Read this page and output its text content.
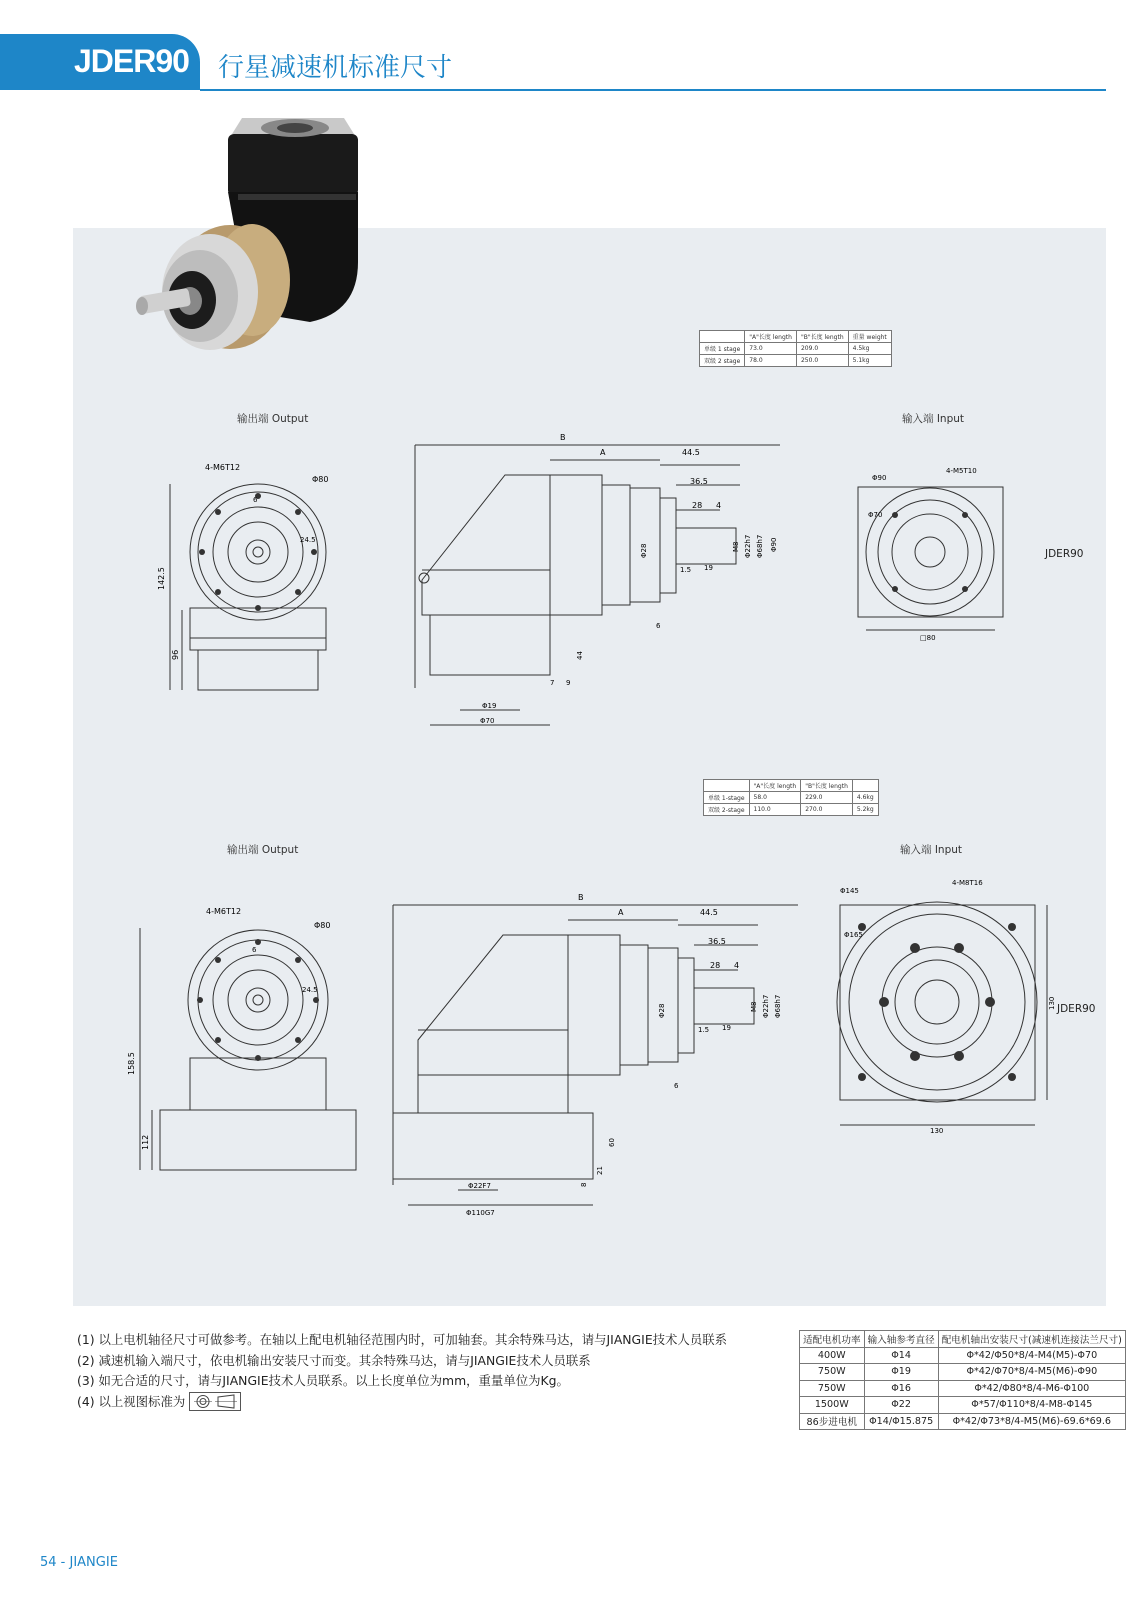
JDER90 行星减速机标准尺寸
	"A"长度 length	"B"长度 length	重量 weight
单级 1 stage	73.0	209.0	4.5kg
双级 2 stage	78.0	250.0	5.1kg
输出端 Output	输入端 Input
JDER90
4-M6T12
Φ80
6
24.5
142.5
96
B
A	44.5
36.5
28 4
Φ28	M8 Φ22h7 Φ68h7 Φ90
1.5 19
6
44
7 9
Φ19
Φ70
Φ90
4-M5T10
Φ70
□80
	"A"长度 length	"B"长度 length	
单级 1-stage	58.0	229.0	4.6kg
双级 2-stage	110.0	270.0	5.2kg
输出端 Output	输入端 Input
JDER90
4-M6T12
Φ80
6
24.5
158.5
112
B
A	44.5
36.5
28 4
Φ28	M8 Φ22h7 Φ68h7
1.5 19
6
60
21
8
Φ22F7
Φ110G7
Φ145
4-M8T16
Φ165
130
130
(1) 以上电机轴径尺寸可做参考。在轴以上配电机轴径范围内时，可加轴套。其余特殊马达，请与JIANGIE技术人员联系
(2) 减速机输入端尺寸，依电机输出安装尺寸而变。其余特殊马达，请与JIANGIE技术人员联系
(3) 如无合适的尺寸，请与JIANGIE技术人员联系。以上长度单位为mm，重量单位为Kg。
(4) 以上视图标准为
适配电机功率	输入轴参考直径	配电机轴出安装尺寸(减速机连接法兰尺寸)
400W	Φ14	Φ*42/Φ50*8/4-M4(M5)-Φ70
750W	Φ19	Φ*42/Φ70*8/4-M5(M6)-Φ90
750W	Φ16	Φ*42/Φ80*8/4-M6-Φ100
1500W	Φ22	Φ*57/Φ110*8/4-M8-Φ145
86步进电机	Φ14/Φ15.875	Φ*42/Φ73*8/4-M5(M6)-69.6*69.6
54 - JIANGIE
